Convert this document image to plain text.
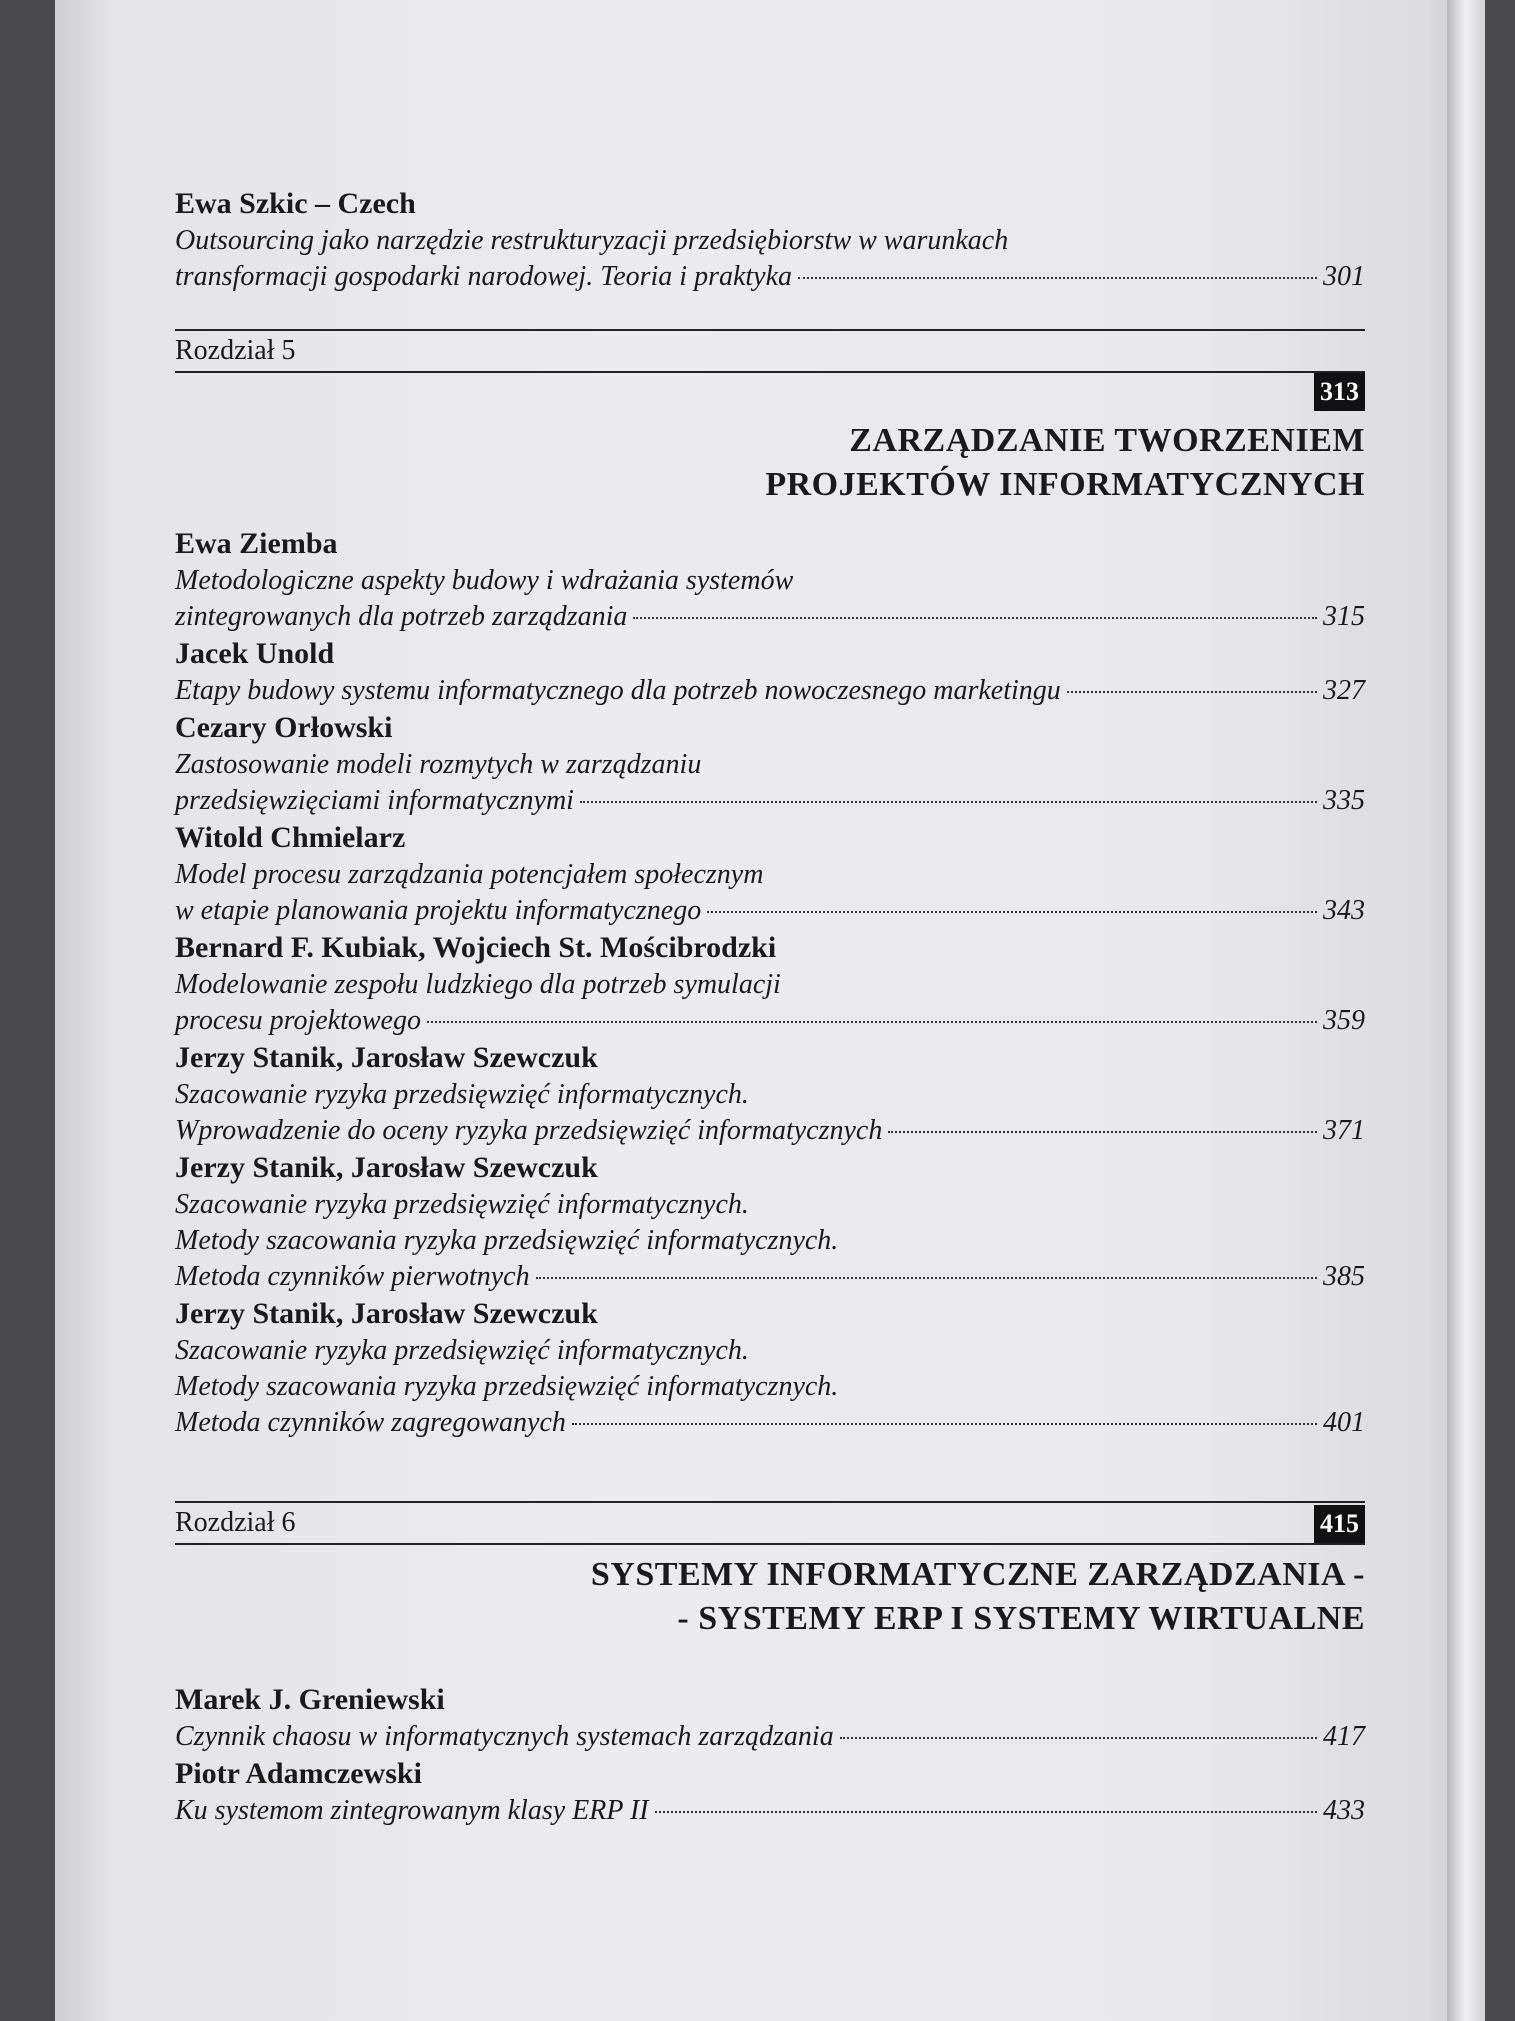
Ewa Szkic – Czech
Outsourcing jako narzędzie restrukturyzacji przedsiębiorstw w warunkach
transformacji gospodarki narodowej. Teoria i praktyka	301
Rozdział 5
313
ZARZĄDZANIE TWORZENIEM
PROJEKTÓW INFORMATYCZNYCH
Ewa Ziemba
Metodologiczne aspekty budowy i wdrażania systemów
zintegrowanych dla potrzeb zarządzania	315
Jacek Unold
Etapy budowy systemu informatycznego dla potrzeb nowoczesnego marketingu	327
Cezary Orłowski
Zastosowanie modeli rozmytych w zarządzaniu
przedsięwzięciami informatycznymi	335
Witold Chmielarz
Model procesu zarządzania potencjałem społecznym
w etapie planowania projektu informatycznego	343
Bernard F. Kubiak, Wojciech St. Mościbrodzki
Modelowanie zespołu ludzkiego dla potrzeb symulacji
procesu projektowego	359
Jerzy Stanik, Jarosław Szewczuk
Szacowanie ryzyka przedsięwzięć informatycznych.
Wprowadzenie do oceny ryzyka przedsięwzięć informatycznych	371
Jerzy Stanik, Jarosław Szewczuk
Szacowanie ryzyka przedsięwzięć informatycznych.
Metody szacowania ryzyka przedsięwzięć informatycznych.
Metoda czynników pierwotnych	385
Jerzy Stanik, Jarosław Szewczuk
Szacowanie ryzyka przedsięwzięć informatycznych.
Metody szacowania ryzyka przedsięwzięć informatycznych.
Metoda czynników zagregowanych	401
Rozdział 6	415
SYSTEMY INFORMATYCZNE ZARZĄDZANIA -
- SYSTEMY ERP I SYSTEMY WIRTUALNE
Marek J. Greniewski
Czynnik chaosu w informatycznych systemach zarządzania	417
Piotr Adamczewski
Ku systemom zintegrowanym klasy ERP II	433
